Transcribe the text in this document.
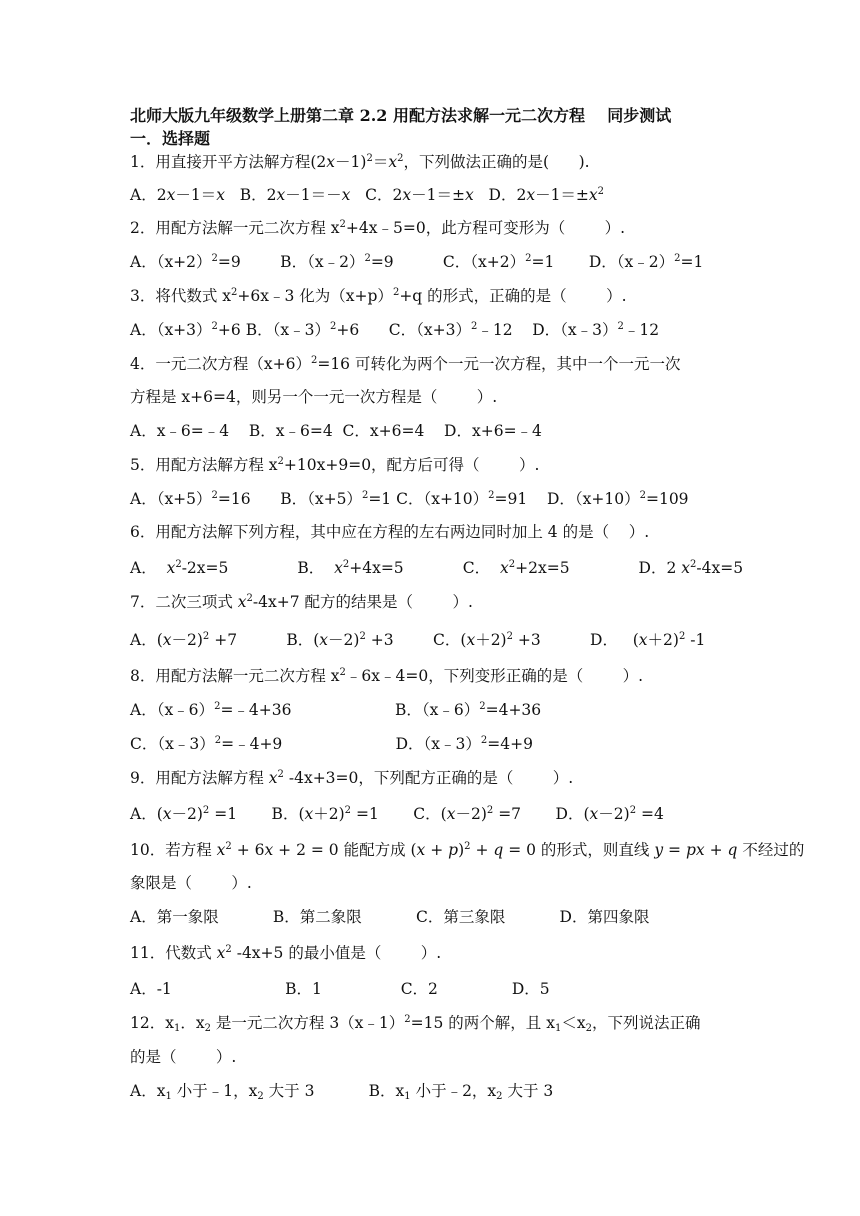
北师大版九年级数学上册第二章 2.2 用配方法求解一元二次方程    同步测试
一．选择题
1．用直接开平方法解方程$(2x-1)^2=x^2$，下列做法正确的是(      ).
A．2x－1＝x   B．2x－1＝－x   C．2x－1＝±x   D．$2x-1=\pm x^2$
2．用配方法解一元二次方程 $x^2+4x﹣5=0$，此方程可变形为（        ）.
A．$(x+2)^2=9$        B．（x﹣2）$^2$=9          C．$(x+2)^2=1$       D．（x﹣2）$^2$=1
3．将代数式 $x^2+6x﹣3$ 化为$(x+p)^2+q$ 的形式，正确的是（        ）.
A．$(x+3)^2+6$ B．（x﹣3）$^2$+6      C．$(x+3)^2﹣12$    D．（x﹣3）$^2$﹣12
4．一元二次方程$(x+6)^2=16$ 可转化为两个一元一次方程，其中一个一元一次
方程是 x+6=4，则另一个一元一次方程是（        ）.
A．x﹣6=﹣4    B．x﹣6=4  C．x+6=4    D．x+6=﹣4
5．用配方法解方程 $x^2+10x+9=0$，配方后可得（        ）.
A．$(x+5)^2=16$      B．$(x+5)^2=1$ C．$(x+10)^2=91$    D．$(x+10)^2=109$
6．用配方法解下列方程，其中应在方程的左右两边同时加上 4 的是（    ）.
A．  $x^2-2x=5$              B．  $x^2+4x=5$            C．  $x^2+2x=5$              D．2 $x^2-4x=5$
7．二次三项式 $x^2-4x+7$ 配方的结果是（        ）.
A．$(x-2)^2 +7$          B．$(x-2)^2 +3$        C．$(x+2)^2 +3$          D．   $(x+2)^2$ -1
8．用配方法解一元二次方程 $x^2﹣6x﹣4=0$，下列变形正确的是（        ）.
A．（x﹣6）$^2$=﹣4+36                     B．（x﹣6）$^2$=4+36
C．（x﹣3）$^2$=﹣4+9                       D．（x﹣3）$^2$=4+9
9．用配方法解方程 $x^2$ -4x+3=0，下列配方正确的是（        ）.
A．$(x-2)^2 =1$       B．$(x+2)^2 =1$       C．$(x-2)^2 =7$       D．$(x-2)^2 =4$
10．若方程 $x^2 + 6x + 2 = 0$ 能配方成 $(x + p)^2 + q = 0$ 的形式，则直线 y = px + q 不经过的
象限是（        ）.
A．第一象限           B．第二象限           C．第三象限           D．第四象限
11．代数式 $x^2$ -4x+5 的最小值是（        ）.
A．-1                       B．1                C．2               D．5
12．$x_1$．$x_2$ 是一元二次方程 3（x﹣1）$^2$=15 的两个解，且 $x_1<x_2$，下列说法正确
的是（        ）.
A．$x_1$ 小于﹣1，$x_2$ 大于 3           B．$x_1$ 小于﹣2，$x_2$ 大于 3
